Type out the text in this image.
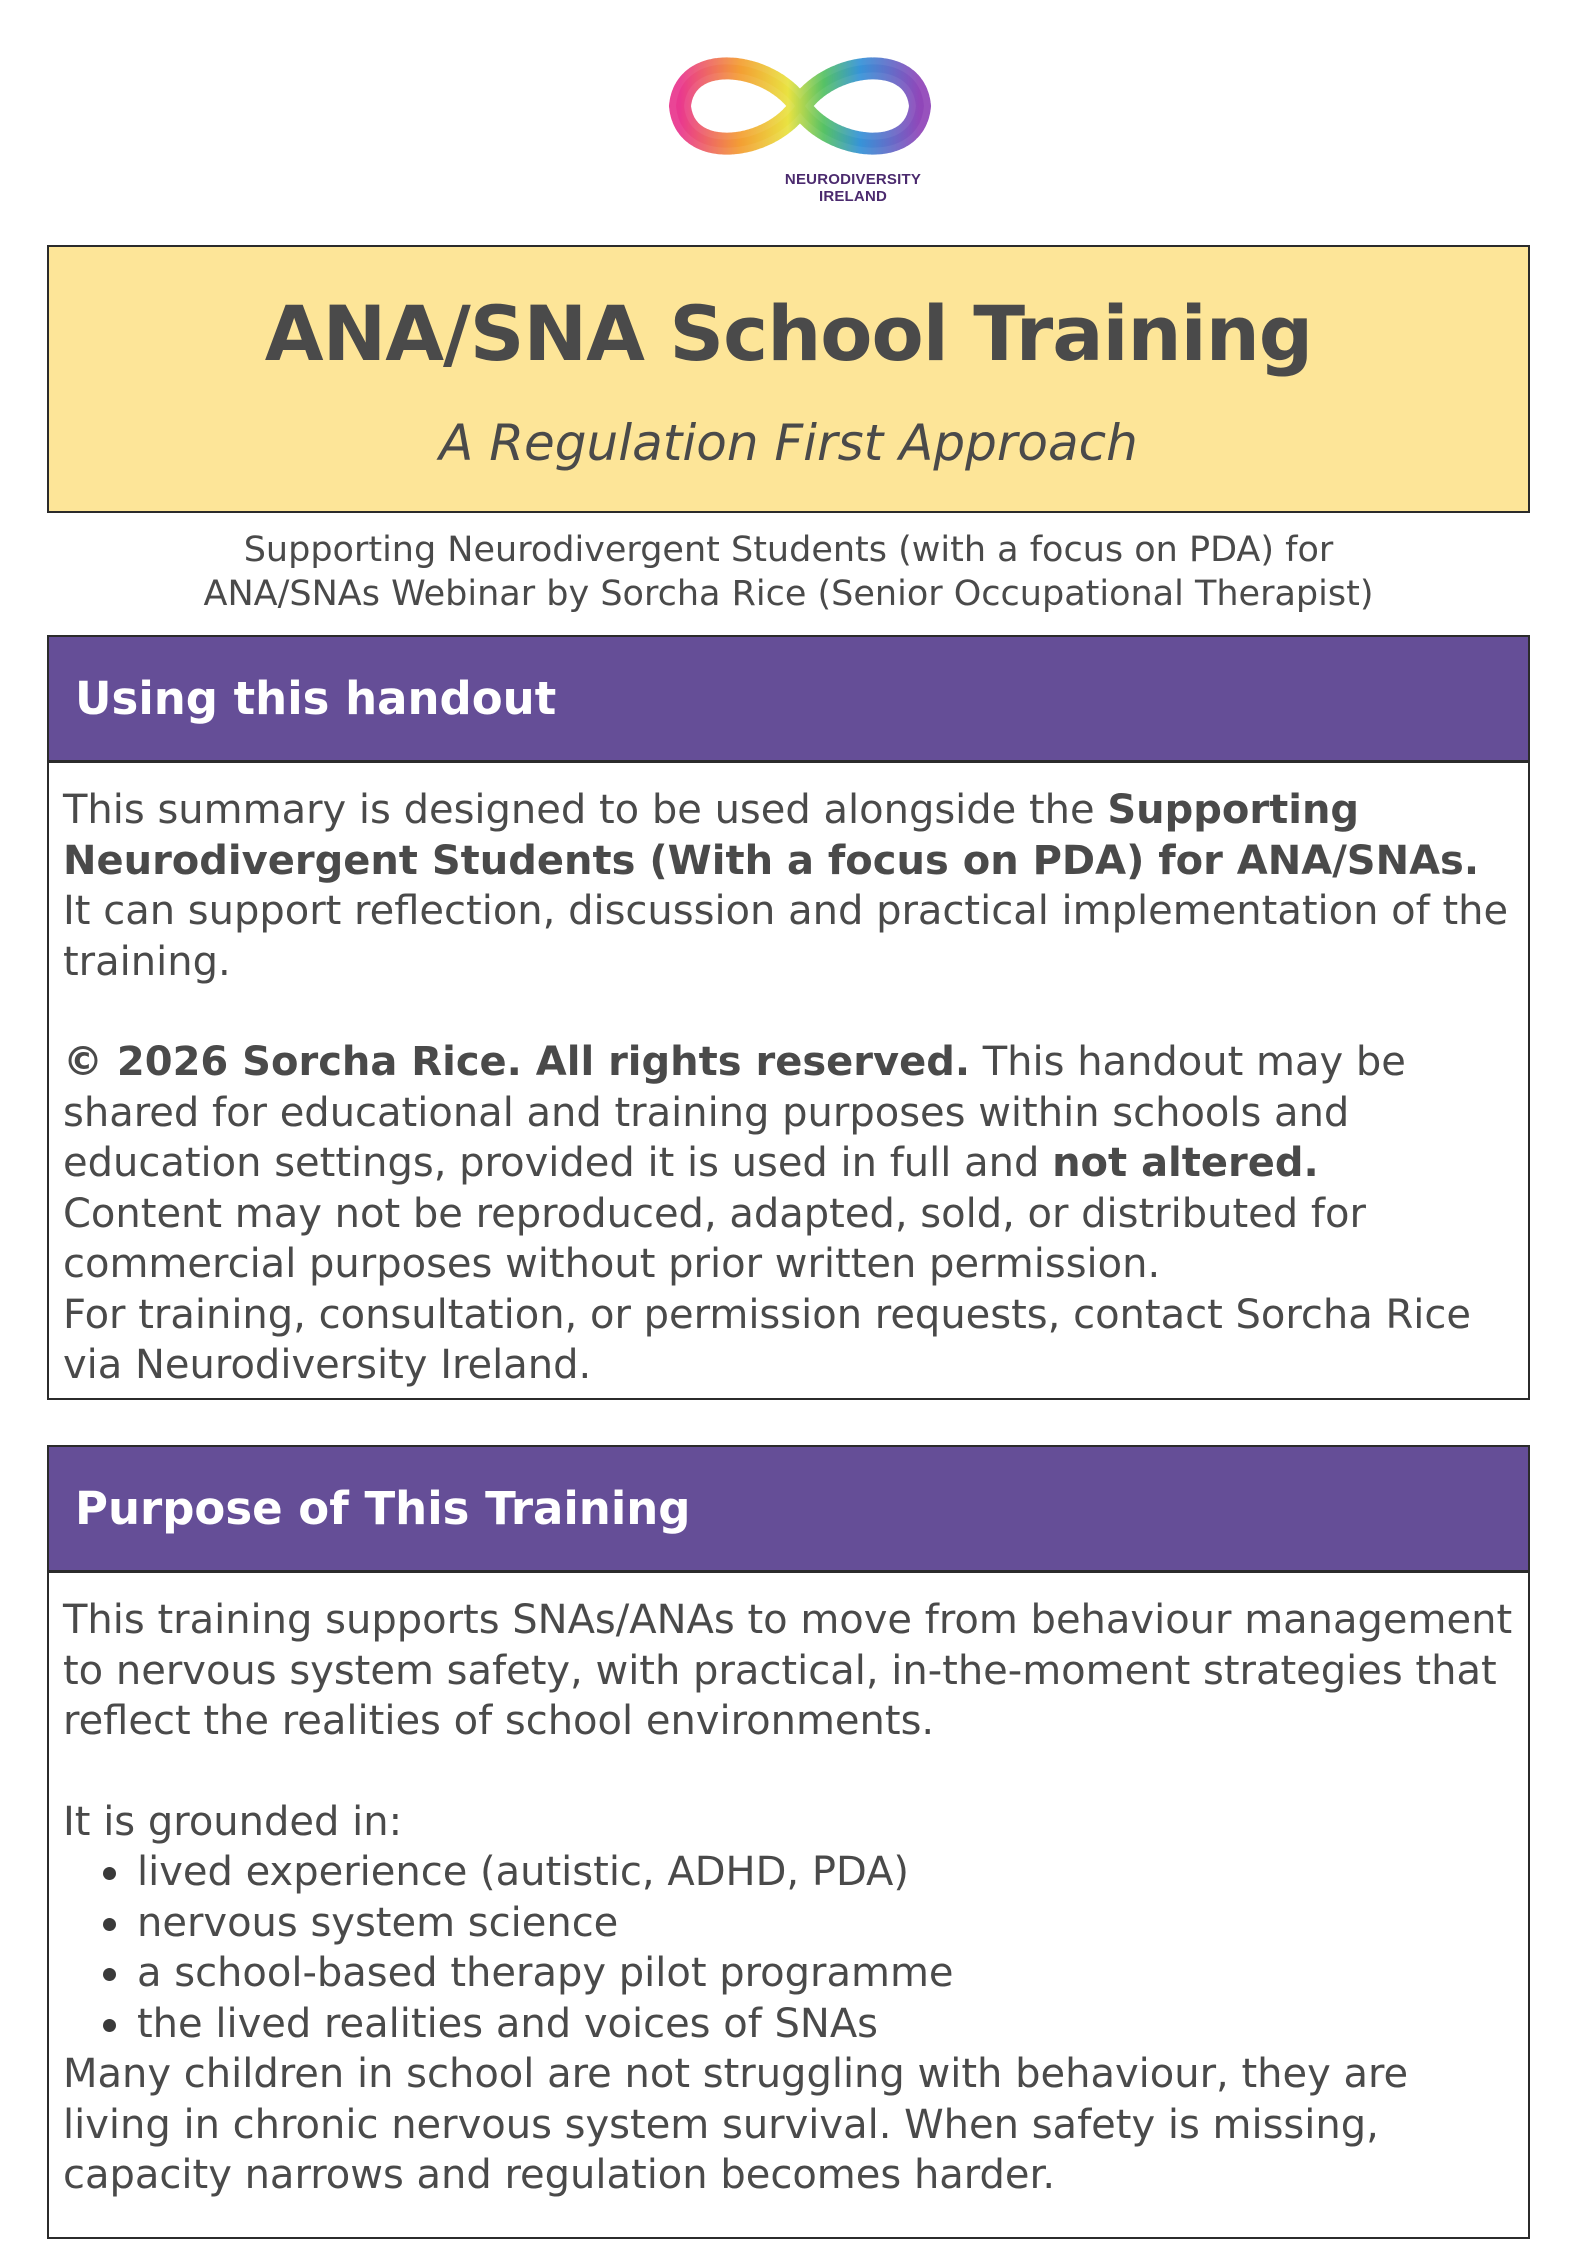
NEURODIVERSITY
IRELAND
ANA/SNA School Training
A Regulation First Approach
Supporting Neurodivergent Students (with a focus on PDA) for
ANA/SNAs Webinar by Sorcha Rice (Senior Occupational Therapist)
Using this handout

This summary is designed to be used alongside the Supporting Neurodivergent Students (With a focus on PDA) for ANA/SNAs. It can support reflection, discussion and practical implementation of the training.

© 2026 Sorcha Rice. All rights reserved. This handout may be shared for educational and training purposes within schools and education settings, provided it is used in full and not altered.

Content may not be reproduced, adapted, sold, or distributed for commercial purposes without prior written permission.

For training, consultation, or permission requests, contact Sorcha Rice via Neurodiversity Ireland.

Purpose of This Training

This training supports SNAs/ANAs to move from behaviour management to nervous system safety, with practical, in-the-moment strategies that reflect the realities of school environments.

It is grounded in:

lived experience (autistic, ADHD, PDA)
nervous system science
a school-based therapy pilot programme
the lived realities and voices of SNAs

Many children in school are not struggling with behaviour, they are living in chronic nervous system survival. When safety is missing, capacity narrows and regulation becomes harder.
